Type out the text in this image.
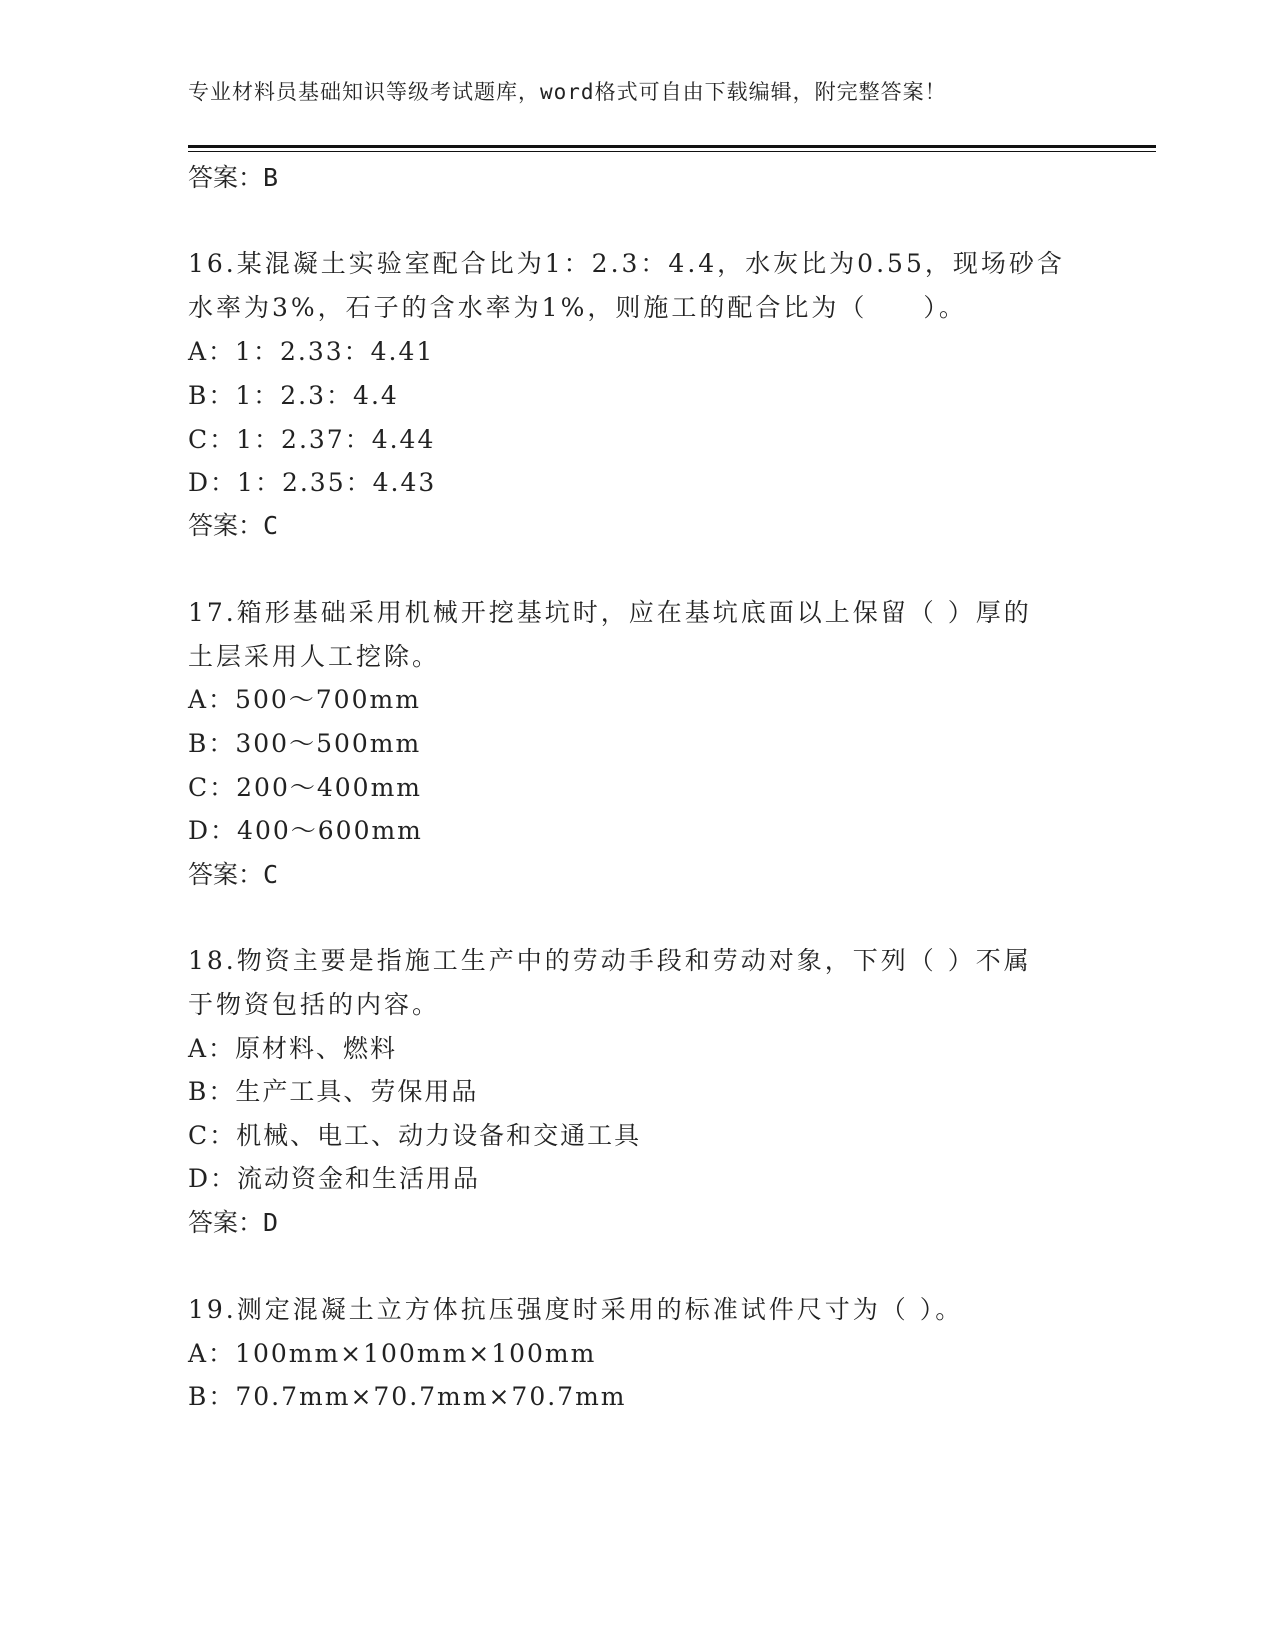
专业材料员基础知识等级考试题库，word格式可自由下载编辑，附完整答案！
答案：B
16.某混凝土实验室配合比为1：2.3：4.4，水灰比为0.55，现场砂含
水率为3%，石子的含水率为1%，则施工的配合比为（　　）。
A：1：2.33：4.41
B：1：2.3：4.4
C：1：2.37：4.44
D：1：2.35：4.43
答案：C
17.箱形基础采用机械开挖基坑时，应在基坑底面以上保留（ ）厚的
土层采用人工挖除。
A：500～700mm
B：300～500mm
C：200～400mm
D：400～600mm
答案：C
18.物资主要是指施工生产中的劳动手段和劳动对象，下列（ ）不属
于物资包括的内容。
A：原材料、燃料
B：生产工具、劳保用品
C：机械、电工、动力设备和交通工具
D：流动资金和生活用品
答案：D
19.测定混凝土立方体抗压强度时采用的标准试件尺寸为（ ）。
A：100mm×100mm×100mm
B：70.7mm×70.7mm×70.7mm
